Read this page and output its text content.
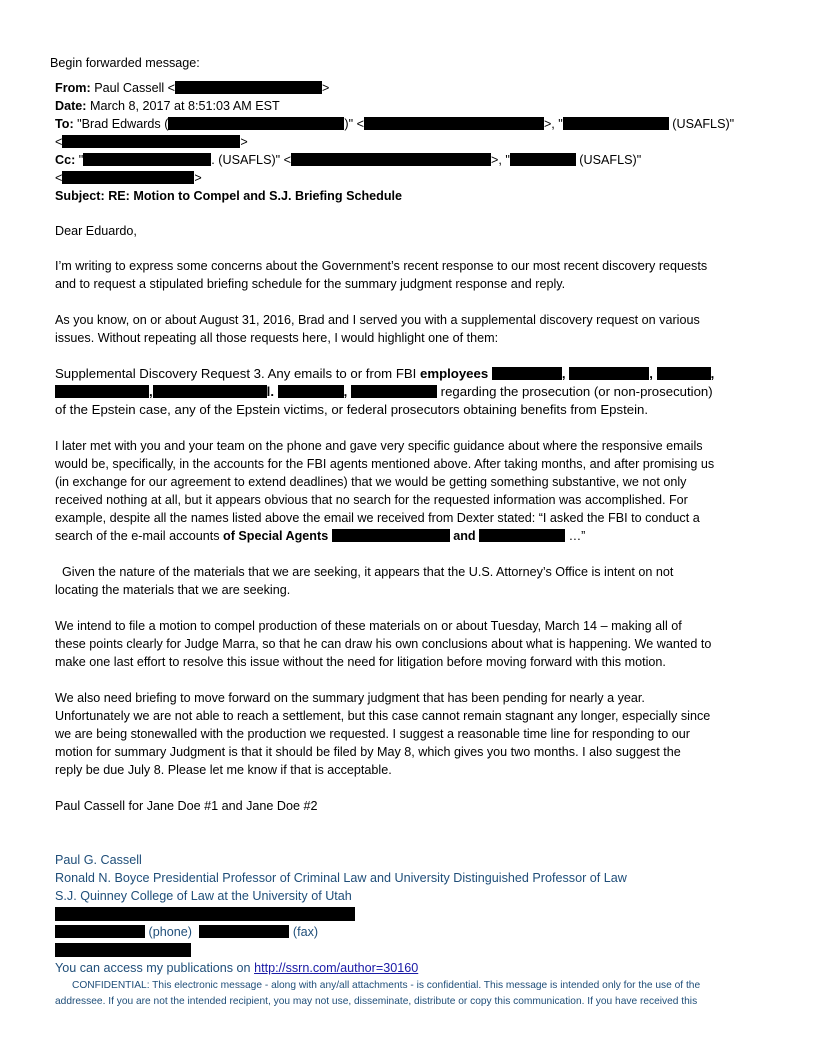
Begin forwarded message:
From: Paul Cassell <	>
Date: March 8, 2017 at 8:51:03 AM EST
To: "Brad Edwards (	)" <	>, "	(USAFLS)"
<	>
Cc: "	. (USAFLS)" <	>, "	(USAFLS)"
<	>
Subject: RE: Motion to Compel and S.J. Briefing Schedule
Dear Eduardo,
I’m writing to express some concerns about the Government’s recent response to our most recent discovery requests
and to request a stipulated briefing schedule for the summary judgment response and reply.
As you know, on or about August 31, 2016, Brad and I served you with a supplemental discovery request on various
issues. Without repeating all those requests here, I would highlight one of them:
Supplemental Discovery Request 3. Any emails to or from FBI employees	,	,	,
,	l.	,	regarding the prosecution (or non-prosecution)
of the Epstein case, any of the Epstein victims, or federal prosecutors obtaining benefits from Epstein.
I later met with you and your team on the phone and gave very specific guidance about where the responsive emails
would be, specifically, in the accounts for the FBI agents mentioned above. After taking months, and after promising us
(in exchange for our agreement to extend deadlines) that we would be getting something substantive, we not only
received nothing at all, but it appears obvious that no search for the requested information was accomplished. For
example, despite all the names listed above the email we received from Dexter stated: “I asked the FBI to conduct a
search of the e-mail accounts of Special Agents	and	…”
Given the nature of the materials that we are seeking, it appears that the U.S. Attorney’s Office is intent on not
locating the materials that we are seeking.
We intend to file a motion to compel production of these materials on or about Tuesday, March 14 – making all of
these points clearly for Judge Marra, so that he can draw his own conclusions about what is happening. We wanted to
make one last effort to resolve this issue without the need for litigation before moving forward with this motion.
We also need briefing to move forward on the summary judgment that has been pending for nearly a year.
Unfortunately we are not able to reach a settlement, but this case cannot remain stagnant any longer, especially since
we are being stonewalled with the production we requested. I suggest a reasonable time line for responding to our
motion for summary Judgment is that it should be filed by May 8, which gives you two months. I also suggest the
reply be due July 8. Please let me know if that is acceptable.
Paul Cassell for Jane Doe #1 and Jane Doe #2
Paul G. Cassell
Ronald N. Boyce Presidential Professor of Criminal Law and University Distinguished Professor of Law
S.J. Quinney College of Law at the University of Utah
(phone)	(fax)
You can access my publications on http://ssrn.com/author=30160
CONFIDENTIAL: This electronic message - along with any/all attachments - is confidential. This message is intended only for the use of the
addressee. If you are not the intended recipient, you may not use, disseminate, distribute or copy this communication. If you have received this
